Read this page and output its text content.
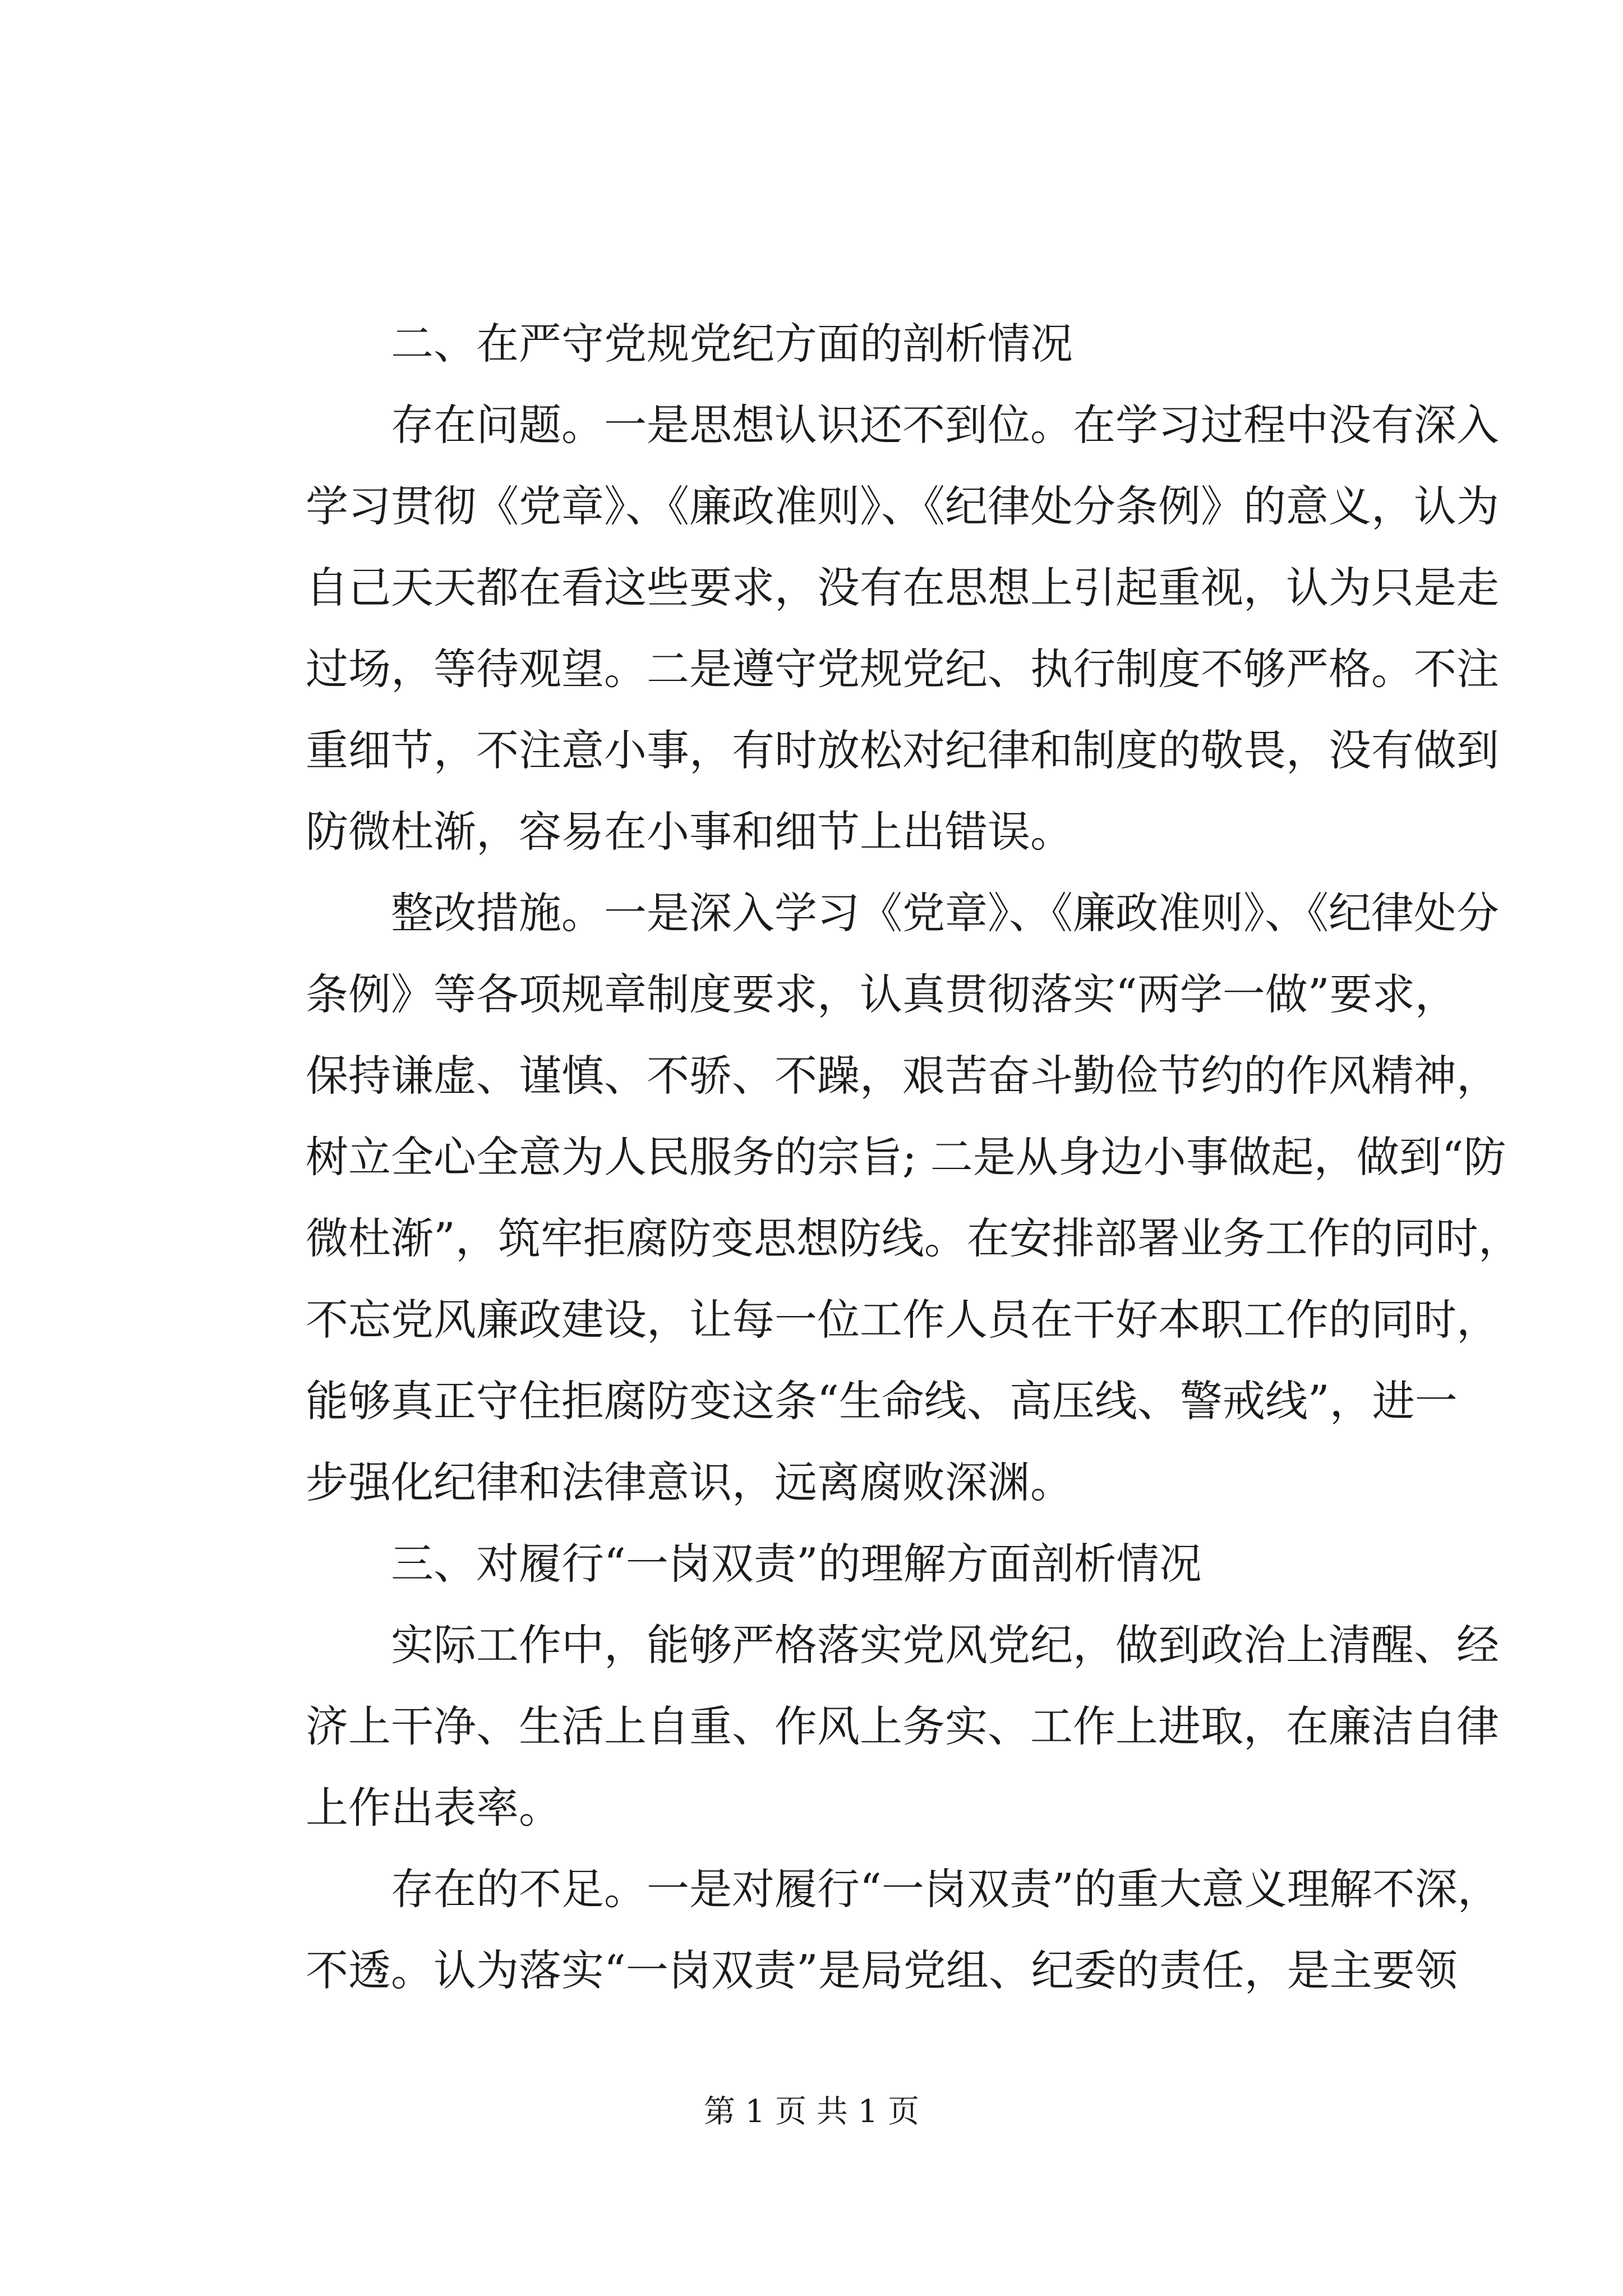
二、在严守党规党纪方面的剖析情况
存在问题。一是思想认识还不到位。在学习过程中没有深入
学习贯彻《党章》、《廉政准则》、《纪律处分条例》的意义，认为
自己天天都在看这些要求，没有在思想上引起重视，认为只是走
过场，等待观望。二是遵守党规党纪、执行制度不够严格。不注
重细节，不注意小事，有时放松对纪律和制度的敬畏，没有做到
防微杜渐，容易在小事和细节上出错误。
整改措施。一是深入学习《党章》、《廉政准则》、《纪律处分
条例》等各项规章制度要求，认真贯彻落实“两学一做”要求，
保持谦虚、谨慎、不骄、不躁，艰苦奋斗勤俭节约的作风精神，
树立全心全意为人民服务的宗旨; 二是从身边小事做起，做到“防
微杜渐”，筑牢拒腐防变思想防线。在安排部署业务工作的同时，
不忘党风廉政建设，让每一位工作人员在干好本职工作的同时，
能够真正守住拒腐防变这条“生命线、高压线、警戒线”，进一
步强化纪律和法律意识，远离腐败深渊。
三、对履行“一岗双责”的理解方面剖析情况
实际工作中，能够严格落实党风党纪，做到政治上清醒、经
济上干净、生活上自重、作风上务实、工作上进取，在廉洁自律
上作出表率。
存在的不足。一是对履行“一岗双责”的重大意义理解不深，
不透。认为落实“一岗双责”是局党组、纪委的责任，是主要领
第 1 页 共 1 页
